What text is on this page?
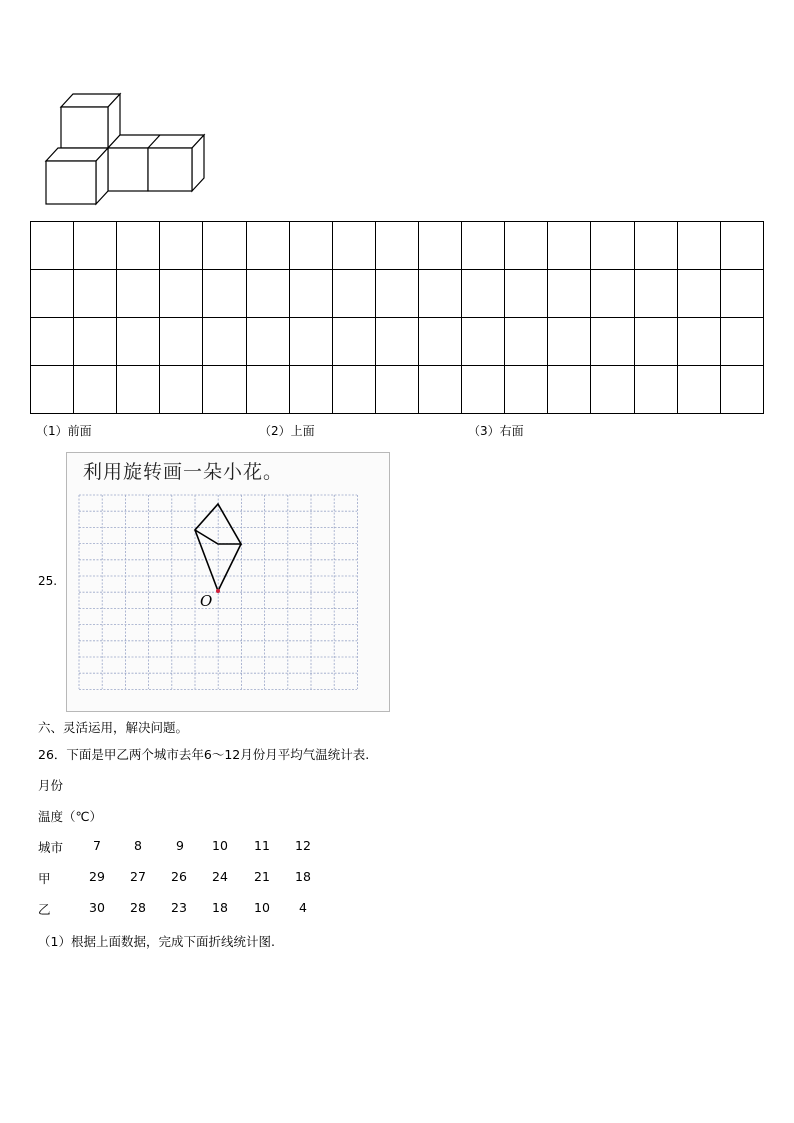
（1）前面	（2）上面	（3）右面
25.
利用旋转画一朵小花。
O
六、灵活运用，解决问题。
26．下面是甲乙两个城市去年6～12月份月平均气温统计表.
月份
温度（℃）
城市 7	8	9 10 11 12
甲	29 27 26 24 21 18
乙	30 28 23 18 10 4
（1）根据上面数据，完成下面折线统计图.
